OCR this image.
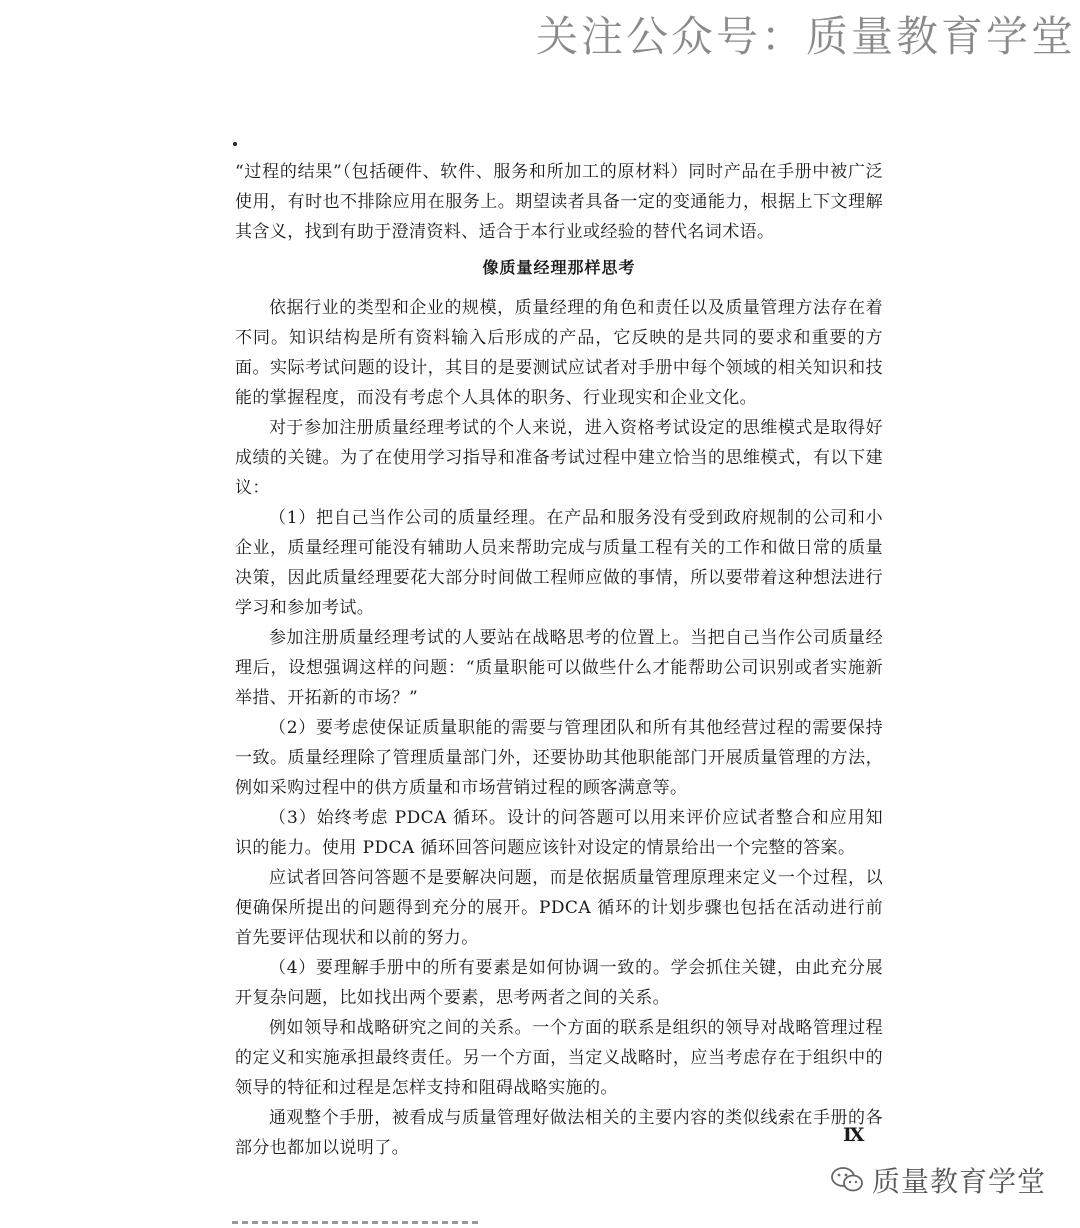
关注公众号：质量教育学堂

“过程的结果”（包括硬件、软件、服务和所加工的原材料）同时产品在手册中被广泛使用，有时也不排除应用在服务上。期望读者具备一定的变通能力，根据上下文理解其含义，找到有助于澄清资料、适合于本行业或经验的替代名词术语。

像质量经理那样思考

依据行业的类型和企业的规模，质量经理的角色和责任以及质量管理方法存在着不同。知识结构是所有资料输入后形成的产品，它反映的是共同的要求和重要的方面。实际考试问题的设计，其目的是要测试应试者对手册中每个领域的相关知识和技能的掌握程度，而没有考虑个人具体的职务、行业现实和企业文化。

对于参加注册质量经理考试的个人来说，进入资格考试设定的思维模式是取得好成绩的关键。为了在使用学习指导和准备考试过程中建立恰当的思维模式，有以下建议：

（1）把自己当作公司的质量经理。在产品和服务没有受到政府规制的公司和小企业，质量经理可能没有辅助人员来帮助完成与质量工程有关的工作和做日常的质量决策，因此质量经理要花大部分时间做工程师应做的事情，所以要带着这种想法进行学习和参加考试。

参加注册质量经理考试的人要站在战略思考的位置上。当把自己当作公司质量经理后，设想强调这样的问题：“质量职能可以做些什么才能帮助公司识别或者实施新举措、开拓新的市场？”

（2）要考虑使保证质量职能的需要与管理团队和所有其他经营过程的需要保持一致。质量经理除了管理质量部门外，还要协助其他职能部门开展质量管理的方法，例如采购过程中的供方质量和市场营销过程的顾客满意等。

（3）始终考虑 PDCA 循环。设计的问答题可以用来评价应试者整合和应用知识的能力。使用 PDCA 循环回答问题应该针对设定的情景给出一个完整的答案。

应试者回答问答题不是要解决问题，而是依据质量管理原理来定义一个过程，以便确保所提出的问题得到充分的展开。PDCA 循环的计划步骤也包括在活动进行前首先要评估现状和以前的努力。

（4）要理解手册中的所有要素是如何协调一致的。学会抓住关键，由此充分展开复杂问题，比如找出两个要素，思考两者之间的关系。

例如领导和战略研究之间的关系。一个方面的联系是组织的领导对战略管理过程的定义和实施承担最终责任。另一个方面，当定义战略时，应当考虑存在于组织中的领导的特征和过程是怎样支持和阻碍战略实施的。

通观整个手册，被看成与质量管理好做法相关的主要内容的类似线索在手册的各部分也都加以说明了。

Ⅸ
质量教育学堂
